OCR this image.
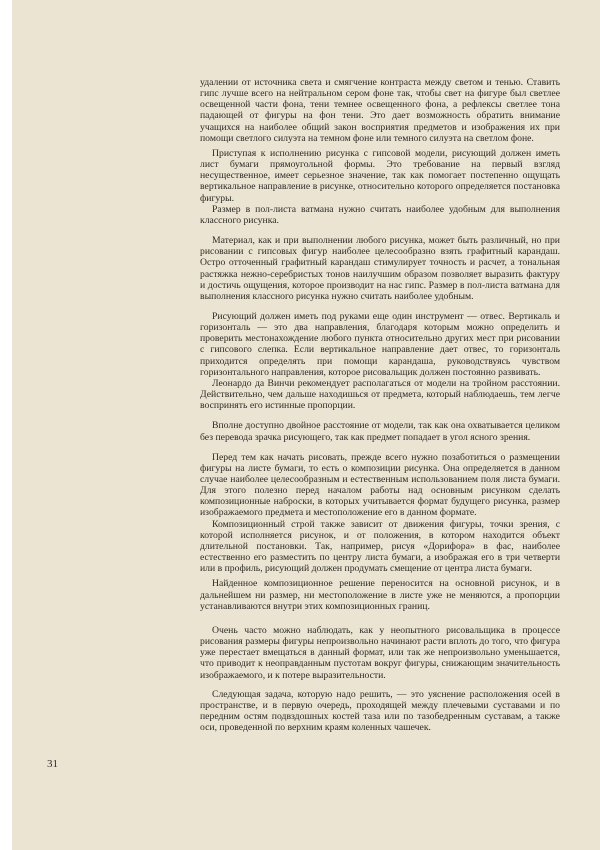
удалении от источника света и смягчение контраста между светом и тенью. Ставить гипс лучше всего на нейтральном сером фоне так, чтобы свет на фигуре был светлее освещенной части фона, тени темнее освещенного фона, а рефлексы светлее тона падающей от фигуры на фон тени. Это дает возможность обратить внимание учащихся на наиболее общий закон восприятия предметов и изображения их при помощи светлого силуэта на темном фоне или темного силуэта на светлом фоне.

Приступая к исполнению рисунка с гипсовой модели, рисующий должен иметь лист бумаги прямоугольной формы. Это требование на первый взгляд несущественное, имеет серьезное значение, так как помогает постепенно ощущать вертикальное направление в рисунке, относительно которого определяется постановка фигуры.

Размер в пол-листа ватмана нужно считать наиболее удобным для выполнения классного рисунка.

Материал, как и при выполнении любого рисунка, может быть различный, но при рисовании с гипсовых фигур наиболее целесообразно взять графитный карандаш. Остро отточенный графитный карандаш стимулирует точность и расчет, а тональная растяжка нежно-серебристых тонов наилучшим образом позволяет выразить фактуру и достичь ощущения, которое производит на нас гипс. Размер в пол-листа ватмана для выполнения классного рисунка нужно считать наиболее удобным.

Рисующий должен иметь под руками еще один инструмент — отвес. Вертикаль и горизонталь — это два направления, благодаря которым можно определить и проверить местонахождение любого пункта относительно других мест при рисовании с гипсового слепка. Если вертикальное направление дает отвес, то горизонталь приходится определять при помощи карандаша, руководствуясь чувством горизонтального направления, которое рисовальщик должен постоянно развивать.

Леонардо да Винчи рекомендует располагаться от модели на тройном расстоянии. Действительно, чем дальше находишься от предмета, который наблюдаешь, тем легче воспринять его истинные пропорции.

Вполне доступно двойное расстояние от модели, так как она охватывается целиком без перевода зрачка рисующего, так как предмет попадает в угол ясного зрения.

Перед тем как начать рисовать, прежде всего нужно позаботиться о размещении фигуры на листе бумаги, то есть о композиции рисунка. Она определяется в данном случае наиболее целесообразным и естественным использованием поля листа бумаги. Для этого полезно перед началом работы над основным рисунком сделать композиционные наброски, в которых учитывается формат будущего рисунка, размер изображаемого предмета и местоположение его в данном формате.

Композиционный строй также зависит от движения фигуры, точки зрения, с которой исполняется рисунок, и от положения, в котором находится объект длительной постановки. Так, например, рисуя «Дорифора» в фас, наиболее естественно его разместить по центру листа бумаги, а изображая его в три четверти или в профиль, рисующий должен продумать смещение от центра листа бумаги.

Найденное композиционное решение переносится на основной рисунок, и в дальнейшем ни размер, ни местоположение в листе уже не меняются, а пропорции устанавливаются внутри этих композиционных границ.

Очень часто можно наблюдать, как у неопытного рисовальщика в процессе рисования размеры фигуры непроизвольно начинают расти вплоть до того, что фигура уже перестает вмещаться в данный формат, или так же непроизвольно уменьшается, что приводит к неоправданным пустотам вокруг фигуры, снижающим значительность изображаемого, и к потере выразительности.

Следующая задача, которую надо решить, — это уяснение расположения осей в пространстве, и в первую очередь, проходящей между плечевыми суставами и по передним остям подвздошных костей таза или по тазобедренным суставам, а также оси, проведенной по верхним краям коленных чашечек.

31
